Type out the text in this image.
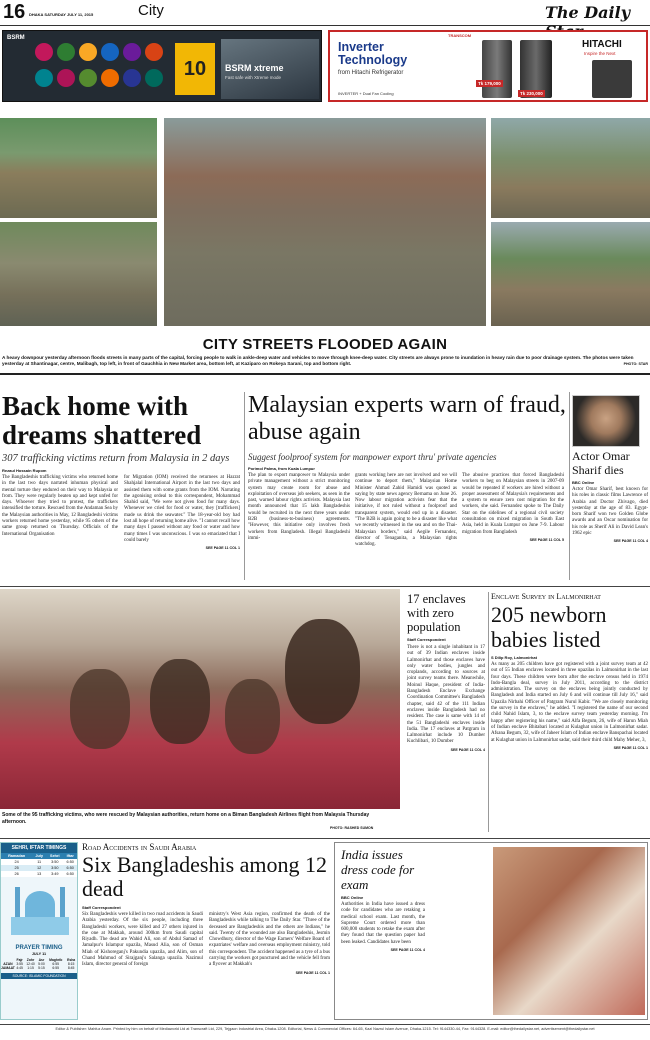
16 DHAKA SATURDAY JULY 11, 2015	City	The Daily
BSRM
10	BSRM xtreme
Fast safe with Xtreme mode
TRANSCOM
Inverter Technology
from Hitachi Refrigerator
INVERTER + Dual Fan Cooling
Tk 179,000
Tk 230,000
HITACHI
Inspire the Next
CITY STREETS FLOODED AGAIN
A heavy downpour yesterday afternoon floods streets in many parts of the capital, forcing people to walk in ankle-deep water and vehicles to move through knee-deep water. City streets are always prone to inundation in heavy rain due to poor drainage system. The photos were taken yesterday at Shantinagar, centre, Malibagh, top left, in front of Gauchhia in New Market area, bottom left, at Kaziparo on Rokeya Sarani, top and bottom right.	PHOTO: STAR
Back home with dreams shattered
307 trafficking victims return from Malaysia in 2 days
Rezaul Hossain Rupom
The Bangladeshis trafficking victims who returned home in the last two days narrated inhuman physical and mental torture they endured on their way to Malaysia or from. They were regularly beaten up and kept unfed for days. Whoever they tried to protest, the traffickers intensified the torture. Rescued from the Andaman Sea by the Malaysian authorities in May, 12 Bangladeshi victims workers returned home yesterday, while 95 others of the same group returned on Thursday. Officials of the International Organisation
for Migration (IOM) received the returnees at Hazrat Shahjalal International Airport in the last two days and assisted them with some grants from the IOM. Narrating the agonising ordeal to this correspondent, Mohammad Shahid said, "We were not given food for many days. Whenever we cried for food or water, they [traffickers] made us drink the seawater." The 18-year-old boy had lost all hope of returning home alive. "I cannot recall how many days I passed without any food or water and how many times I was unconscious. I was so emaciated that I could barely
SEE PAGE 11 COL 1
Malaysian experts warn of fraud, abuse again
Suggest foolproof system for manpower export thru' private agencies
Porimol Palma, from Kuala Lumpur
The plan to export manpower to Malaysia under private management without a strict monitoring system may create room for abuse and exploitation of overseas job seekers, as seen in the past, warned labour rights activists. Malaysia last month announced that 15 lakh Bangladeshis would be recruited in the next three years under B2B (business-to-business) agreements. "However, this initiative only involves fresh workers from Bangladesh. Illegal Bangladeshi immi-
grants working here are not involved and we will continue to deport them," Malaysian Home Minister Ahmad Zahid Hamidi was quoted as saying by state news agency Bernama on June 26. Now labour migration activists fear that the initiative, if not ruled without a foolproof and transparent system, would end up in a disaster. "The B2B is again going to be a disaster like what we recently witnessed in the sea and on the Thai-Malaysian borders," said Aegile Fernandez, director of Tenaganita, a Malaysian rights watchdog.
The abusive practices that forced Bangladeshi workers to beg on Malaysian streets in 2007-09 would be repeated if workers are hired without a proper assessment of Malaysia's requirements and a system to ensure zero cost migration for the workers, she said. Fernandez spoke to The Daily Star on the sidelines of a regional civil society consultation on mixed migration in South East Asia, held in Kuala Lumpur on June 7-9. Labour migration from Bangladesh
SEE PAGE 11 COL 5
Actor Omar Sharif dies
BBC Online
Actor Omar Sharif, best known for his roles in classic films Lawrence of Arabia and Doctor Zhivago, died yesterday at the age of 83. Egypt-born Sharif won two Golden Globe awards and an Oscar nomination for his role as Sherif Ali in David Lean's 1962 epic
SEE PAGE 11 COL 4
Some of the 95 trafficking victims, who were rescued by Malaysian authorities, return home on a Biman Bangladesh Airlines flight from Malaysia Thursday afternoon.
PHOTO: RASHED SUMON
17 enclaves with zero population
Staff Correspondent
There is not a single inhabitant in 17 out of 39 Indian enclaves inside Lalmonirhat and those enclaves have only water bodies, jungles and croplands, according to sources at joint survey teams there. Meanwhile, Moinul Haque, president of India-Bangladesh Enclave Exchange Coordination Committee's Bangladesh chapter, said 42 of the 111 Indian enclaves inside Bangladesh had no resident. The case is same with 14 of the 51 Bangladeshi enclaves inside India. The 17 enclaves at Patgram in Lalmonirhat include 10 Dumber Kuchlibari, 10 Dumber
SEE PAGE 11 COL 4
Enclave Survey in Lalmonirhat
205 newborn babies listed
S Dilip Roy, Lalmonirhat
As many as 205 children have got registered with a joint survey team at 42 out of 55 Indian enclaves located in three upazilas in Lalmonirhat in the last four days. These children were born after the enclave census held in 1974 Indo-Bangla deal, survey in July 2011, according to the district administration. The survey on the enclaves being jointly conducted by Bangladesh and India started on July 6 and will continue till July 16," said Upazila Nirbahi Officer of Patgram Nurul Kabir. "We are closely monitoring the survey in the enclaves," he added. "I registered the name of our second child Nahid Islam, 3, to the enclave survey team yesterday morning. I'm happy after registering his name," said Alfa Begum, 26, wife of Harun Miah of Indian enclave Bhitabari located at Kulaghat union in Lalmonirhat sadar. Afsana Begum, 32, wife of Jaheer Islam of Indian enclave Banspachai located at Kulaghat union in Lalmonirhat sadar, said their third child Mahy Meher, 3,
SEE PAGE 11 COL 1
SEHRI, IFTAR TIMINGS
Ramadan	July	Sehri	Iftar
24	11	3:50	6:50
25	12	3:50	6:50
26	13	3:49	6:50
PRAYER TIMING
JULY 11
	Fajr	Zohr	Asr	Maghrib	Esha
AZAN	3:55	12:40	5:00	6:55	8:15
JAMAAT	4:45	1:15	5:15	6:55	8:45
SOURCE: ISLAMIC FOUNDATION
Road Accidents in Saudi Arabia
Six Bangladeshis among 12 dead
Staff Correspondent
Six Bangladeshis were killed in two road accidents in Saudi Arabia yesterday. Of the six people, including three Bangladeshi workers, were killed and 27 others injured in the one at Makkah, around 300km from Saudi capital Riyadh. The dead are Wahid Ali, son of Abdul Samad of Jamalpur's Islampur upazila, Masud Alia, son of Osman Miah of Kishoreganj's Pakundia upazila, and Alim, son of Chand Mahmud of Sirajganj's Salanga upazila. Nazimul Islam, director general of foreign
ministry's West Asia region, confirmed the death of the Bangladeshis while talking to The Daily Star. "Three of the deceased are Bangladeshis and the others are Indians," he said. Twenty of the wounded are also Bangladeshis, Jesmin Chowdhury, director of the Wage Earners' Welfare Board of expatriates' welfare and overseas employment ministry, told this correspondent. The accident happened as a tyre of a bus carrying the workers got punctured and the vehicle fell from a flyover at Makkah's
SEE PAGE 11 COL 1
India issues dress code for exam
BBC Online
Authorities in India have issued a dress code for candidates who are retaking a medical school exam. Last month, the Supreme Court ordered more than 600,000 students to retake the exam after they found that the question paper had been leaked. Candidates have been
SEE PAGE 11 COL 4
Editor & Publisher: Mahfuz Anam. Printed by him on behalf of Mediaworld Ltd at Transcraft Ltd, 229, Tejgaon Industrial Area, Dhaka-1208. Editorial, News & Commercial Offices: 64-65, Kazi Nazrul Islam Avenue, Dhaka-1215. Tel: 9144330-44, Fax: 9144328. E-mail: editor@thedailystar.net, advertisement@thedailystar.net
